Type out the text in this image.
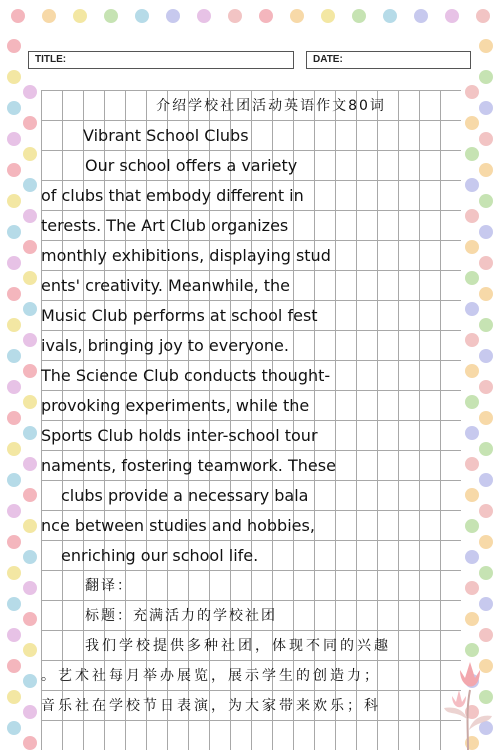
TITLE:	DATE:
介绍学校社团活动英语作文80词
Vibrant School Clubs
Our school offers a variety
of clubs that embody different in
terests. The Art Club organizes
monthly exhibitions, displaying stud
ents' creativity. Meanwhile, the
Music Club performs at school fest
ivals, bringing joy to everyone.
The Science Club conducts thought-
provoking experiments, while the
Sports Club holds inter-school tour
naments, fostering teamwork. These
clubs provide a necessary bala
nce between studies and hobbies,
enriching our school life.
翻译：
标题：充满活力的学校社团
我们学校提供多种社团，体现不同的兴趣
。艺术社每月举办展览，展示学生的创造力；
音乐社在学校节日表演，为大家带来欢乐；科
